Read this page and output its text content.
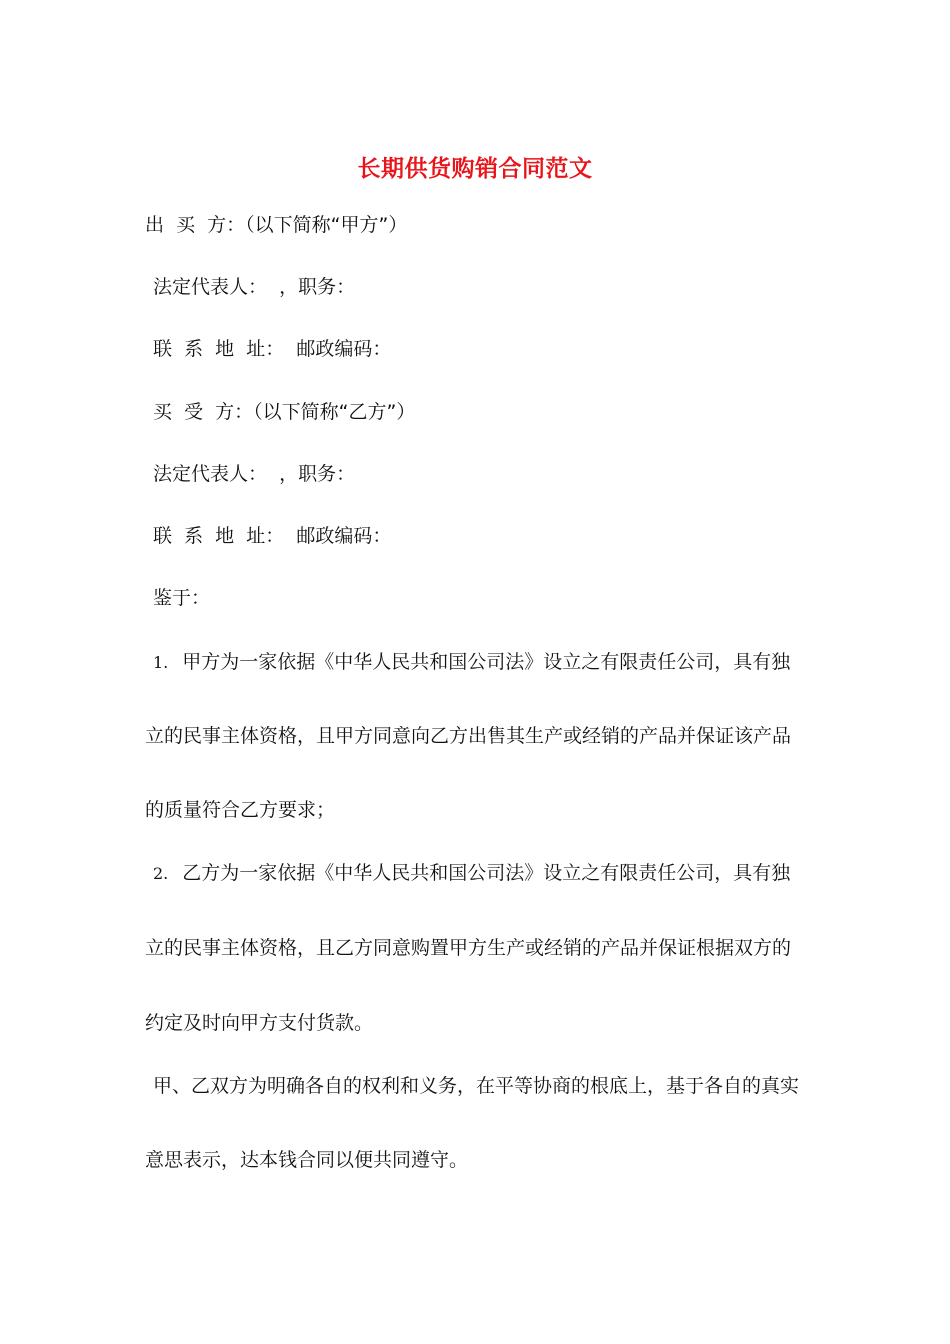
长期供货购销合同范文
出  买  方：（以下简称“甲方”）
法定代表人：  ，职务：
联  系  地  址：  邮政编码：
买  受  方：（以下简称“乙方”）
法定代表人：  ，职务：
联  系  地  址：  邮政编码：
鉴于：
1. 甲方为一家依据《中华人民共和国公司法》设立之有限责任公司，具有独
立的民事主体资格，且甲方同意向乙方出售其生产或经销的产品并保证该产品
的质量符合乙方要求；
2. 乙方为一家依据《中华人民共和国公司法》设立之有限责任公司，具有独
立的民事主体资格，且乙方同意购置甲方生产或经销的产品并保证根据双方的
约定及时向甲方支付货款。
甲、乙双方为明确各自的权利和义务，在平等协商的根底上，基于各自的真实
意思表示，达本钱合同以便共同遵守。
